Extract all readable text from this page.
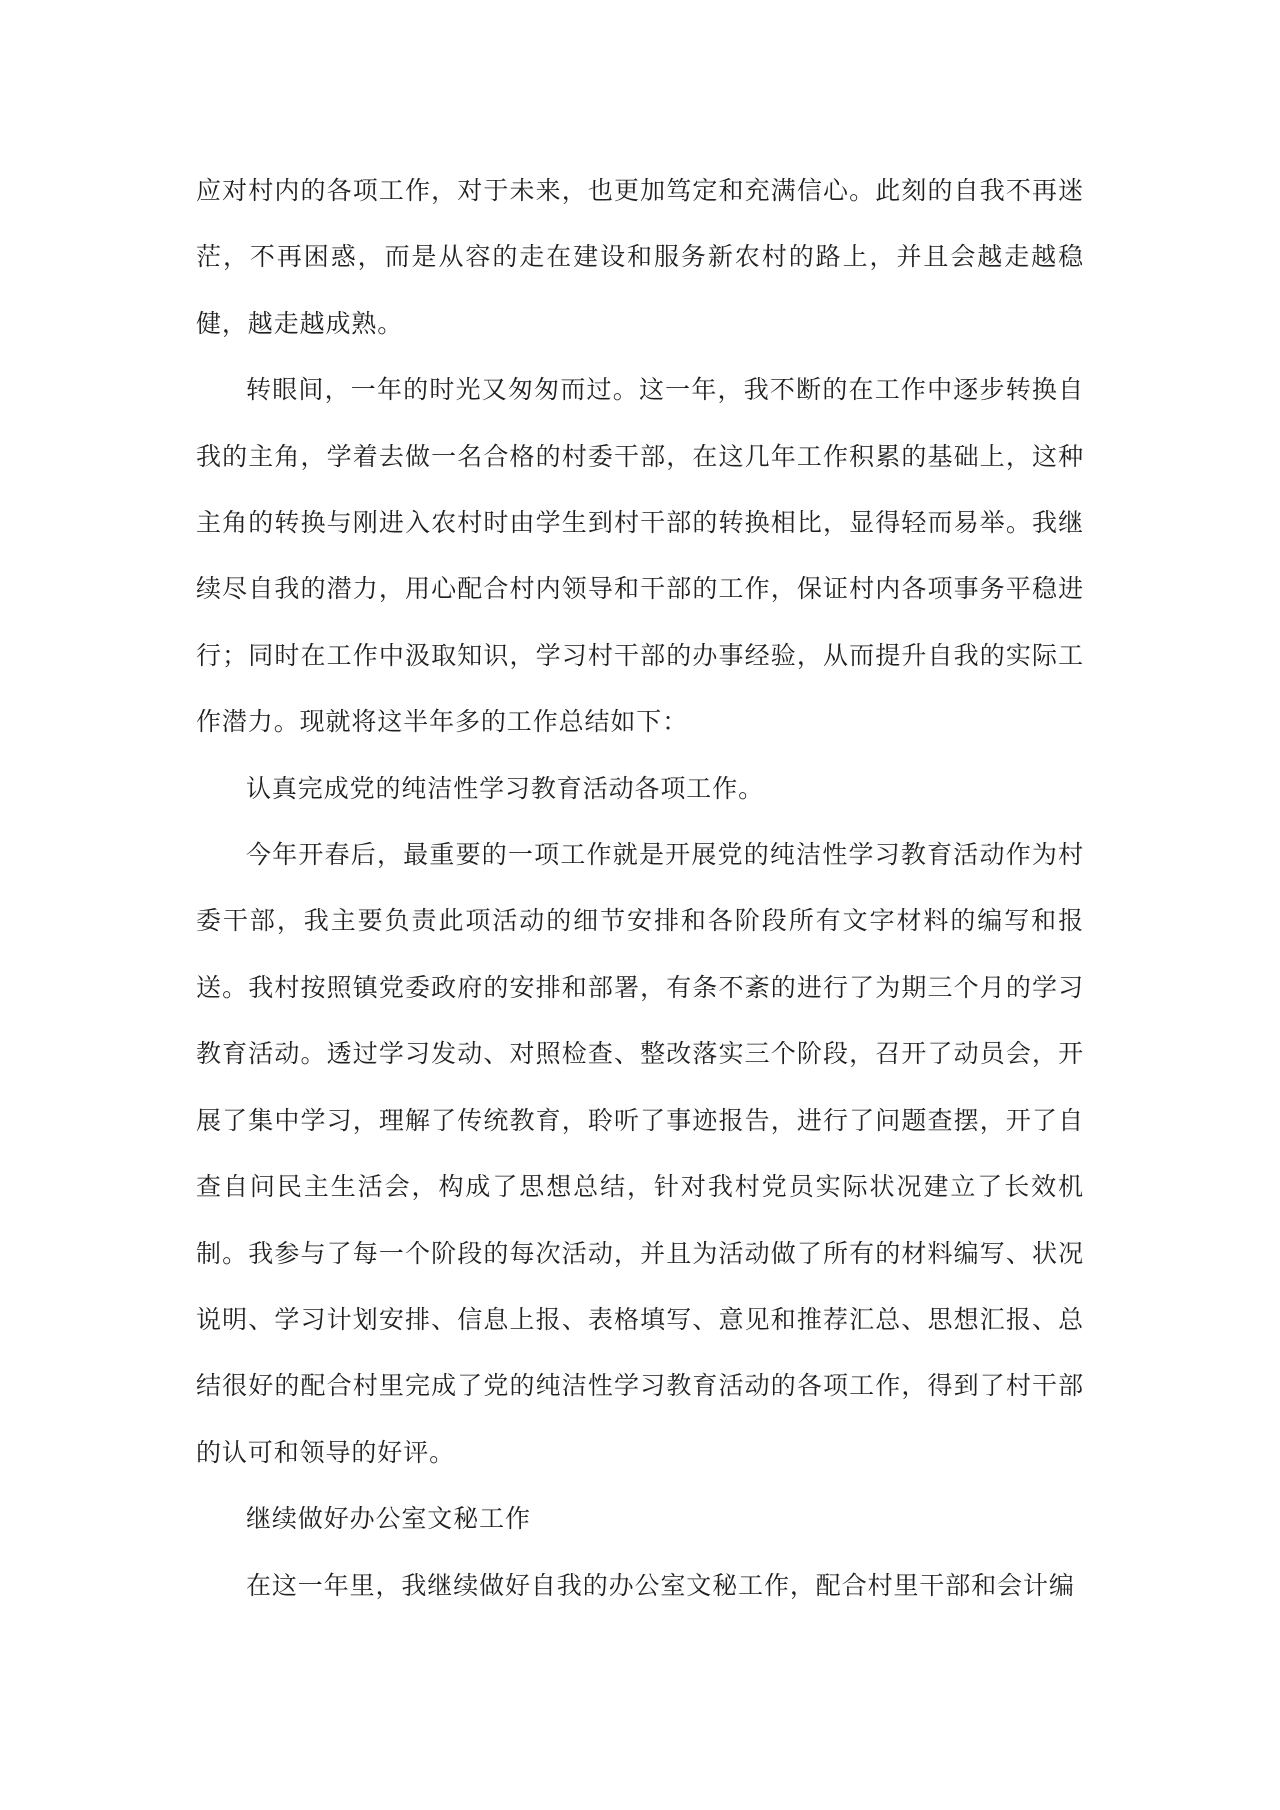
应对村内的各项工作，对于未来，也更加笃定和充满信心。此刻的自我不再迷茫，不再困惑，而是从容的走在建设和服务新农村的路上，并且会越走越稳健，越走越成熟。

转眼间，一年的时光又匆匆而过。这一年，我不断的在工作中逐步转换自我的主角，学着去做一名合格的村委干部，在这几年工作积累的基础上，这种主角的转换与刚进入农村时由学生到村干部的转换相比，显得轻而易举。我继续尽自我的潜力，用心配合村内领导和干部的工作，保证村内各项事务平稳进行；同时在工作中汲取知识，学习村干部的办事经验，从而提升自我的实际工作潜力。现就将这半年多的工作总结如下：

认真完成党的纯洁性学习教育活动各项工作。

今年开春后，最重要的一项工作就是开展党的纯洁性学习教育活动作为村委干部，我主要负责此项活动的细节安排和各阶段所有文字材料的编写和报送。我村按照镇党委政府的安排和部署，有条不紊的进行了为期三个月的学习教育活动。透过学习发动、对照检查、整改落实三个阶段，召开了动员会，开展了集中学习，理解了传统教育，聆听了事迹报告，进行了问题查摆，开了自查自问民主生活会，构成了思想总结，针对我村党员实际状况建立了长效机制。我参与了每一个阶段的每次活动，并且为活动做了所有的材料编写、状况说明、学习计划安排、信息上报、表格填写、意见和推荐汇总、思想汇报、总结很好的配合村里完成了党的纯洁性学习教育活动的各项工作，得到了村干部的认可和领导的好评。

继续做好办公室文秘工作

在这一年里，我继续做好自我的办公室文秘工作，配合村里干部和会计编
